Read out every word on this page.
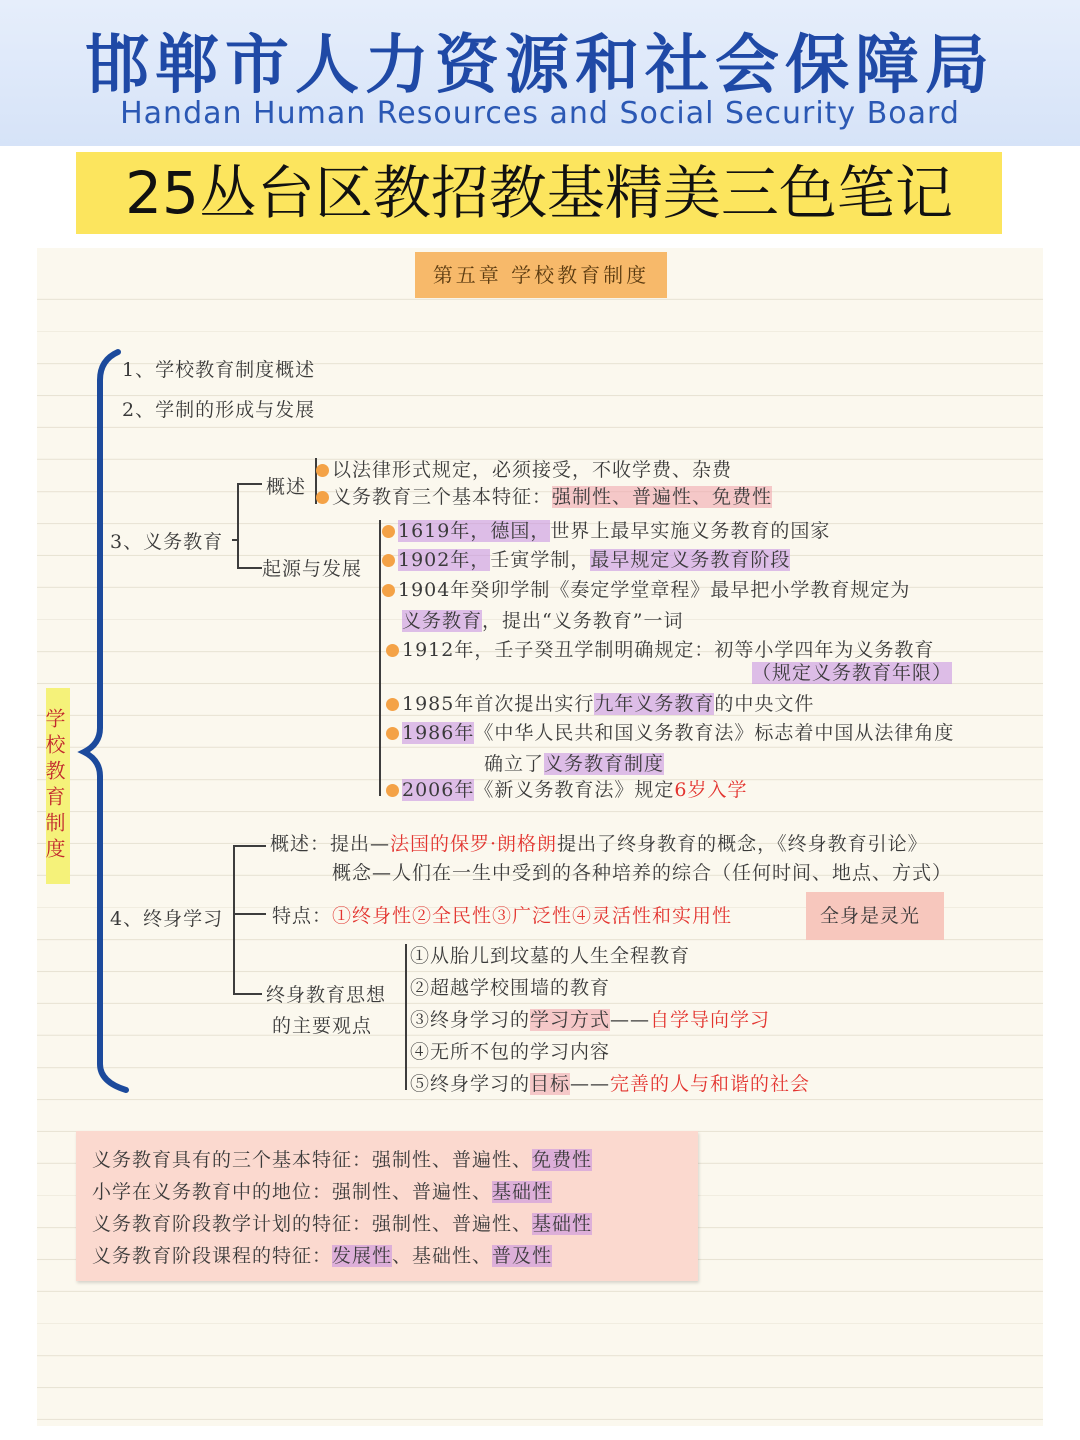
邯郸市人力资源和社会保障局
Handan Human Resources and Social Security Board
25丛台区教招教基精美三色笔记
第五章 学校教育制度
学校教育制度
1、学校教育制度概述
2、学制的形成与发展
3、义务教育
概述
以法律形式规定，必须接受，不收学费、杂费
义务教育三个基本特征：强制性、普遍性、免费性
起源与发展
1619年，德国，世界上最早实施义务教育的国家
1902年，壬寅学制，最早规定义务教育阶段
1904年癸卯学制《奏定学堂章程》最早把小学教育规定为
义务教育，提出“义务教育”一词
1912年，壬子癸丑学制明确规定：初等小学四年为义务教育
（规定义务教育年限）
1985年首次提出实行九年义务教育的中央文件
1986年《中华人民共和国义务教育法》标志着中国从法律角度
确立了义务教育制度
2006年《新义务教育法》规定6岁入学
4、终身学习
概述：提出—法国的保罗·朗格朗提出了终身教育的概念，《终身教育引论》
概念—人们在一生中受到的各种培养的综合（任何时间、地点、方式）
特点：①终身性②全民性③广泛性④灵活性和实用性	全身是灵光
终身教育思想
的主要观点
①从胎儿到坟墓的人生全程教育
②超越学校围墙的教育
③终身学习的学习方式——自学导向学习
④无所不包的学习内容
⑤终身学习的目标——完善的人与和谐的社会
义务教育具有的三个基本特征：强制性、普遍性、免费性
小学在义务教育中的地位：强制性、普遍性、基础性
义务教育阶段教学计划的特征：强制性、普遍性、基础性
义务教育阶段课程的特征：发展性、基础性、普及性
